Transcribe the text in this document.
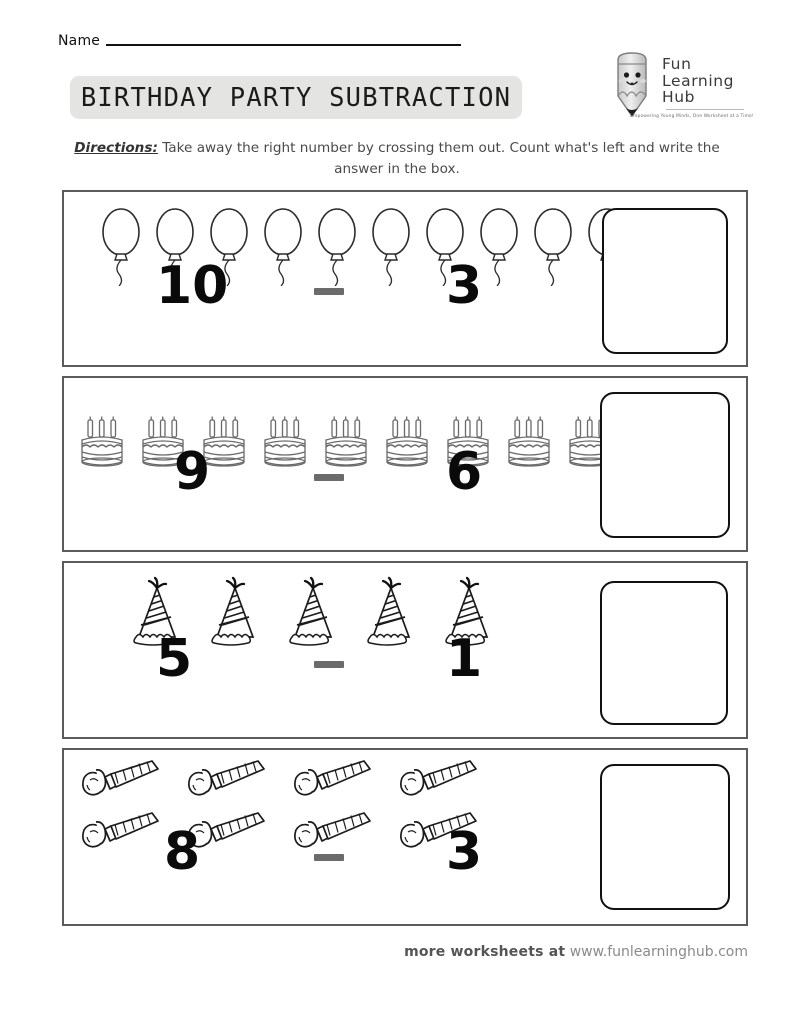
Name
BIRTHDAY PARTY SUBTRACTION
Fun
Learning
Hub
Empowering Young Minds, One Worksheet at a Time!
Directions: Take away the right number by crossing them out. Count what's left and write the answer in the box.
10	3
9	6
5	1
8	3
more worksheets at www.funlearninghub.com
